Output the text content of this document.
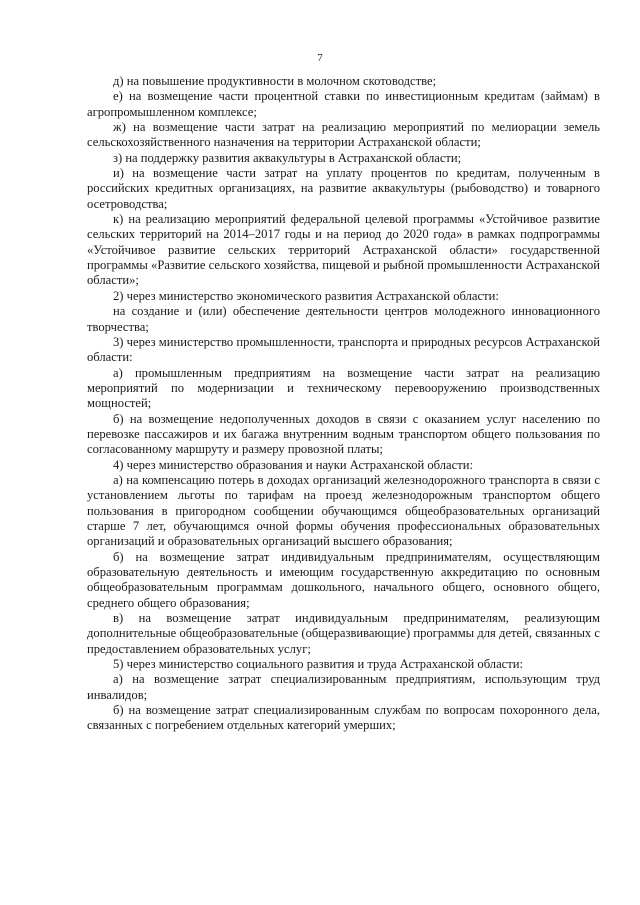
7

д) на повышение продуктивности в молочном скотоводстве;

е) на возмещение части процентной ставки по инвестиционным кредитам (займам) в агропромышленном комплексе;

ж) на возмещение части затрат на реализацию мероприятий по мелиорации земель сельскохозяйственного назначения на территории Астраханской области;

з) на поддержку развития аквакультуры в Астраханской области;

и) на возмещение части затрат на уплату процентов по кредитам, полученным в российских кредитных организациях, на развитие аквакультуры (рыбоводство) и товарного осетроводства;

к) на реализацию мероприятий федеральной целевой программы «Устойчивое развитие сельских территорий на 2014–2017 годы и на период до 2020 года» в рамках подпрограммы «Устойчивое развитие сельских территорий Астраханской области» государственной программы «Развитие сельского хозяйства, пищевой и рыбной промышленности Астраханской области»;

2) через министерство экономического развития Астраханской области:

на создание и (или) обеспечение деятельности центров молодежного инновационного творчества;

3) через министерство промышленности, транспорта и природных ресурсов Астраханской области:

а) промышленным предприятиям на возмещение части затрат на реализацию мероприятий по модернизации и техническому перевооружению производственных мощностей;

б) на возмещение недополученных доходов в связи с оказанием услуг населению по перевозке пассажиров и их багажа внутренним водным транспортом общего пользования по согласованному маршруту и размеру провозной платы;

4) через министерство образования и науки Астраханской области:

а) на компенсацию потерь в доходах организаций железнодорожного транспорта в связи с установлением льготы по тарифам на проезд железнодорожным транспортом общего пользования в пригородном сообщении обучающимся общеобразовательных организаций старше 7 лет, обучающимся очной формы обучения профессиональных образовательных организаций и образовательных организаций высшего образования;

б) на возмещение затрат индивидуальным предпринимателям, осуществляющим образовательную деятельность и имеющим государственную аккредитацию по основным общеобразовательным программам дошкольного, начального общего, основного общего, среднего общего образования;

в) на возмещение затрат индивидуальным предпринимателям, реализующим дополнительные общеобразовательные (общеразвивающие) программы для детей, связанных с предоставлением образовательных услуг;

5) через министерство социального развития и труда Астраханской области:

а) на возмещение затрат специализированным предприятиям, использующим труд инвалидов;

б) на возмещение затрат специализированным службам по вопросам похоронного дела, связанных с погребением отдельных категорий умерших;
